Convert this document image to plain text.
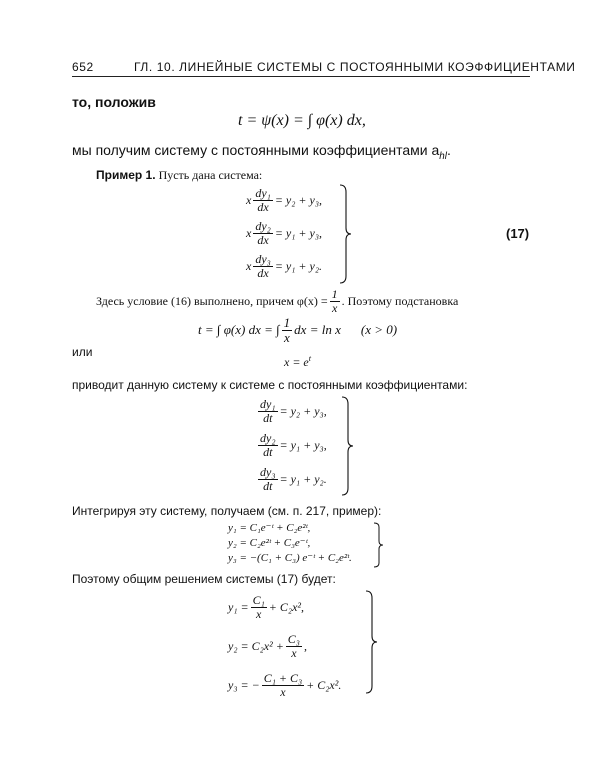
652	ГЛ. 10. ЛИНЕЙНЫЕ СИСТЕМЫ С ПОСТОЯННЫМИ КОЭФФИЦИЕНТАМИ
то, положив
t = ψ(x) = ∫ φ(x) dx,
мы получим систему с постоянными коэффициентами $a_{hl}$.
Пример 1. Пусть дана система:
x $\frac{\text{dy₁}}{dx} = y_2 + y_3$,
x $\frac{\text{dy₂}}{dx} = y_1 + y_3$,
x $\frac{\text{dy₃}}{dx} = y_1 + y_2$.
(17)
Здесь условие (16) выполнено, причем $\varphi(x) = \frac{1}{x}$ . Поэтому подстановка
t = ∫ φ(x) dx = ∫ $\frac{1}{x}$ dx = ln x (x > 0)
или
$x = e^t$
приводит данную систему к системе с постоянными коэффициентами:
$\frac{\text{dy₁}}{dt} = y_2 + y_3$,
$\frac{\text{dy₂}}{dt} = y_1 + y_3$,
$\frac{\text{dy₃}}{dt} = y_1 + y_2$.
Интегрируя эту систему, получаем (см. п. 217, пример):
y₁ = C₁e⁻ᵗ + C₂e²ᵗ,
y₂ = C₂e²ᵗ + C₃e⁻ᵗ,
y₃ = −(C₁ + C₃) e⁻ᵗ + C₂e²ᵗ.
Поэтому общим решением системы (17) будет:
$y_1 = \frac{\text{C₁}}{x} + C_2x^2$,
$y_2 = C_2x^2 + \frac{\text{C₃}}{x}$ ,
y₃ = − $\frac{\text{C₁ + C₃}}{x} + C_2x^2$.
